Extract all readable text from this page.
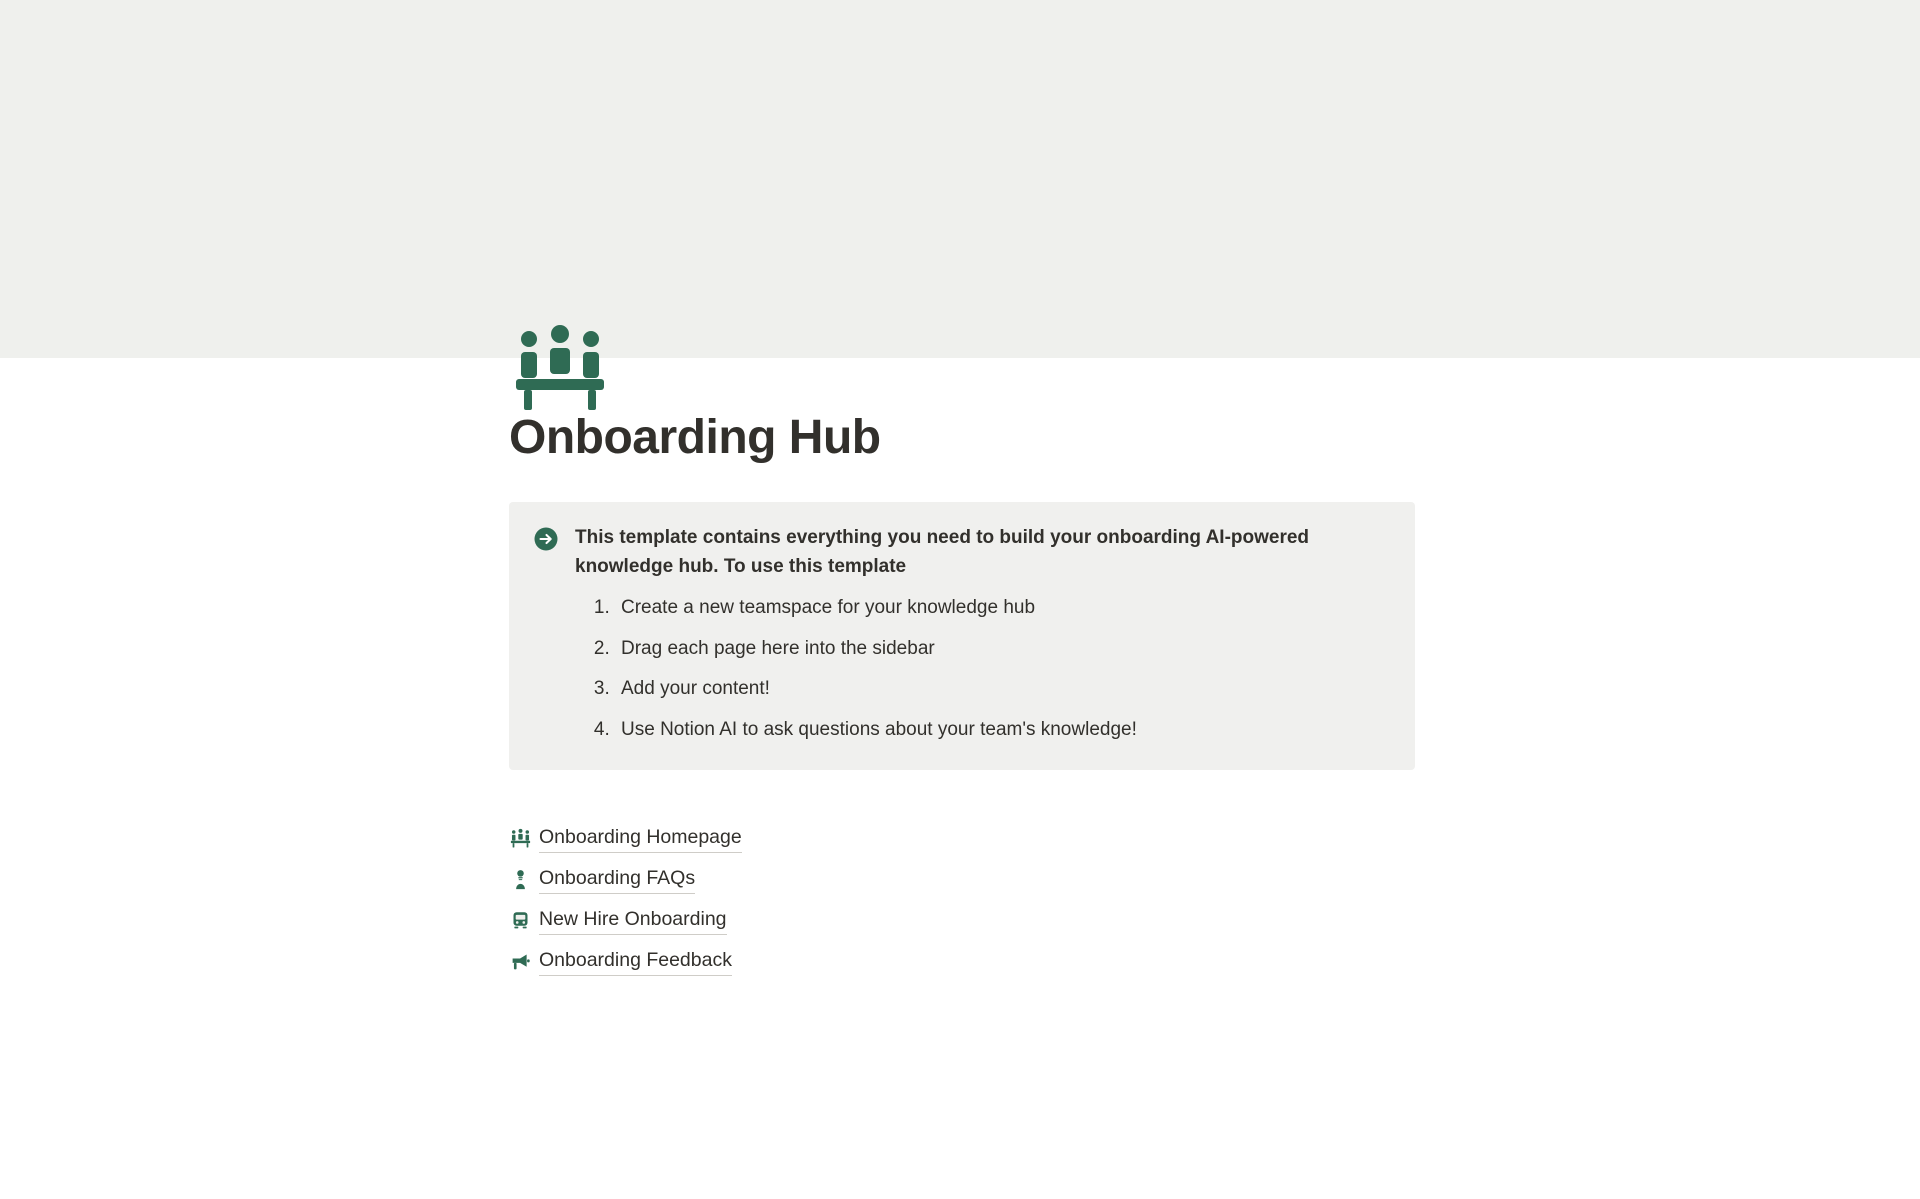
Onboarding Hub

This template contains everything you need to build your onboarding AI-powered knowledge hub. To use this template

1. Create a new teamspace for your knowledge hub
2. Drag each page here into the sidebar
3. Add your content!
4. Use Notion AI to ask questions about your team's knowledge!
Onboarding Homepage
Onboarding FAQs
New Hire Onboarding
Onboarding Feedback
